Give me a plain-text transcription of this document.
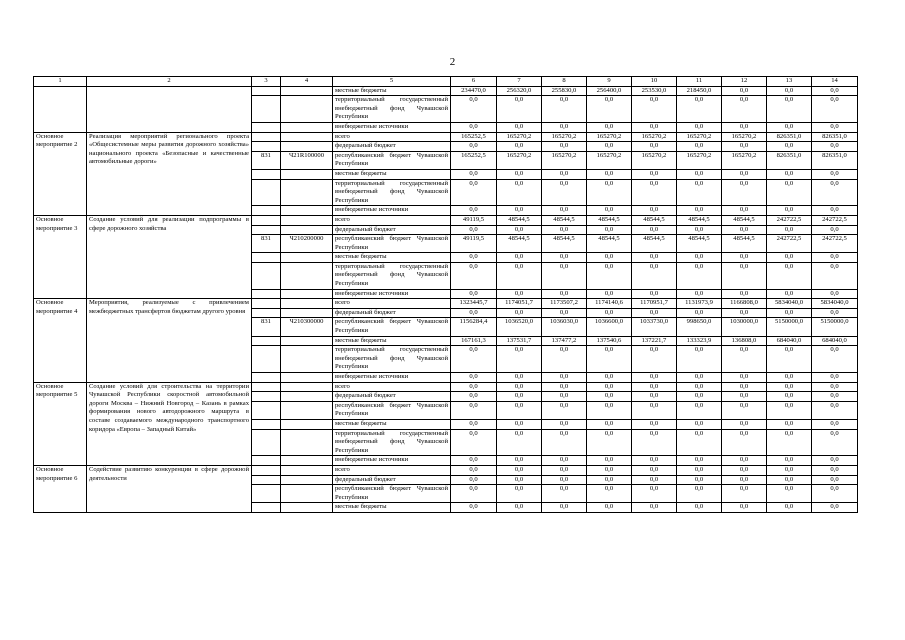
2
1	2	3	4	5	6	7	8	9	10	11	12	13	14
				местные бюджеты	234470,0	256320,0	255830,0	256400,0	253530,0	218450,0	0,0	0,0	0,0
				территориальный государственный внебюджетный фонд Чувашской Республики	0,0	0,0	0,0	0,0	0,0	0,0	0,0	0,0	0,0
				внебюджетные источники	0,0	0,0	0,0	0,0	0,0	0,0	0,0	0,0	0,0
Основное мероприятие 2	Реализация мероприятий регионального проекта «Общесистемные меры развития дорожного хозяйства» национального проекта «Безопасные и качественные автомобильные дороги»			всего	165252,5	165270,2	165270,2	165270,2	165270,2	165270,2	165270,2	826351,0	826351,0
				федеральный бюджет	0,0	0,0	0,0	0,0	0,0	0,0	0,0	0,0	0,0
		831	Ч21R100000	республиканский бюджет Чувашской Республики	165252,5	165270,2	165270,2	165270,2	165270,2	165270,2	165270,2	826351,0	826351,0
				местные бюджеты	0,0	0,0	0,0	0,0	0,0	0,0	0,0	0,0	0,0
				территориальный государственный внебюджетный фонд Чувашской Республики	0,0	0,0	0,0	0,0	0,0	0,0	0,0	0,0	0,0
				внебюджетные источники	0,0	0,0	0,0	0,0	0,0	0,0	0,0	0,0	0,0
Основное мероприятие 3	Создание условий для реализации подпрограммы в сфере дорожного хозяйства			всего	49119,5	48544,5	48544,5	48544,5	48544,5	48544,5	48544,5	242722,5	242722,5
				федеральный бюджет	0,0	0,0	0,0	0,0	0,0	0,0	0,0	0,0	0,0
		831	Ч210200000	республиканский бюджет Чувашской Республики	49119,5	48544,5	48544,5	48544,5	48544,5	48544,5	48544,5	242722,5	242722,5
				местные бюджеты	0,0	0,0	0,0	0,0	0,0	0,0	0,0	0,0	0,0
				территориальный государственный внебюджетный фонд Чувашской Республики	0,0	0,0	0,0	0,0	0,0	0,0	0,0	0,0	0,0
				внебюджетные источники	0,0	0,0	0,0	0,0	0,0	0,0	0,0	0,0	0,0
Основное мероприятие 4	Мероприятия, реализуемые с привлечением межбюджетных трансфертов бюджетам другого уровня			всего	1323445,7	1174051,7	1173507,2	1174140,6	1170951,7	1131973,9	1166808,0	5834040,0	5834040,0
				федеральный бюджет	0,0	0,0	0,0	0,0	0,0	0,0	0,0	0,0	0,0
		831	Ч210300000	республиканский бюджет Чувашской Республики	1156284,4	1036520,0	1036030,0	1036600,0	1033730,0	998650,0	1030000,0	5150000,0	5150000,0
				местные бюджеты	167161,3	137531,7	137477,2	137540,6	137221,7	133323,9	136808,0	684040,0	684040,0
				территориальный государственный внебюджетный фонд Чувашской Республики	0,0	0,0	0,0	0,0	0,0	0,0	0,0	0,0	0,0
				внебюджетные источники	0,0	0,0	0,0	0,0	0,0	0,0	0,0	0,0	0,0
Основное мероприятие 5	Создание условий для строительства на территории Чувашской Республики скоростной автомобильной дороги Москва – Нижний Новгород – Казань в рамках формирования нового автодорожного маршрута в составе создаваемого международного транспортного коридора «Европа – Западный Китай»			всего	0,0	0,0	0,0	0,0	0,0	0,0	0,0	0,0	0,0
				федеральный бюджет	0,0	0,0	0,0	0,0	0,0	0,0	0,0	0,0	0,0
				республиканский бюджет Чувашской Республики	0,0	0,0	0,0	0,0	0,0	0,0	0,0	0,0	0,0
				местные бюджеты	0,0	0,0	0,0	0,0	0,0	0,0	0,0	0,0	0,0
				территориальный государственный внебюджетный фонд Чувашской Республики	0,0	0,0	0,0	0,0	0,0	0,0	0,0	0,0	0,0
				внебюджетные источники	0,0	0,0	0,0	0,0	0,0	0,0	0,0	0,0	0,0
Основное мероприятие 6	Содействие развитию конкуренции в сфере дорожной деятельности			всего	0,0	0,0	0,0	0,0	0,0	0,0	0,0	0,0	0,0
				федеральный бюджет	0,0	0,0	0,0	0,0	0,0	0,0	0,0	0,0	0,0
				республиканский бюджет Чувашской Республики	0,0	0,0	0,0	0,0	0,0	0,0	0,0	0,0	0,0
				местные бюджеты	0,0	0,0	0,0	0,0	0,0	0,0	0,0	0,0	0,0
